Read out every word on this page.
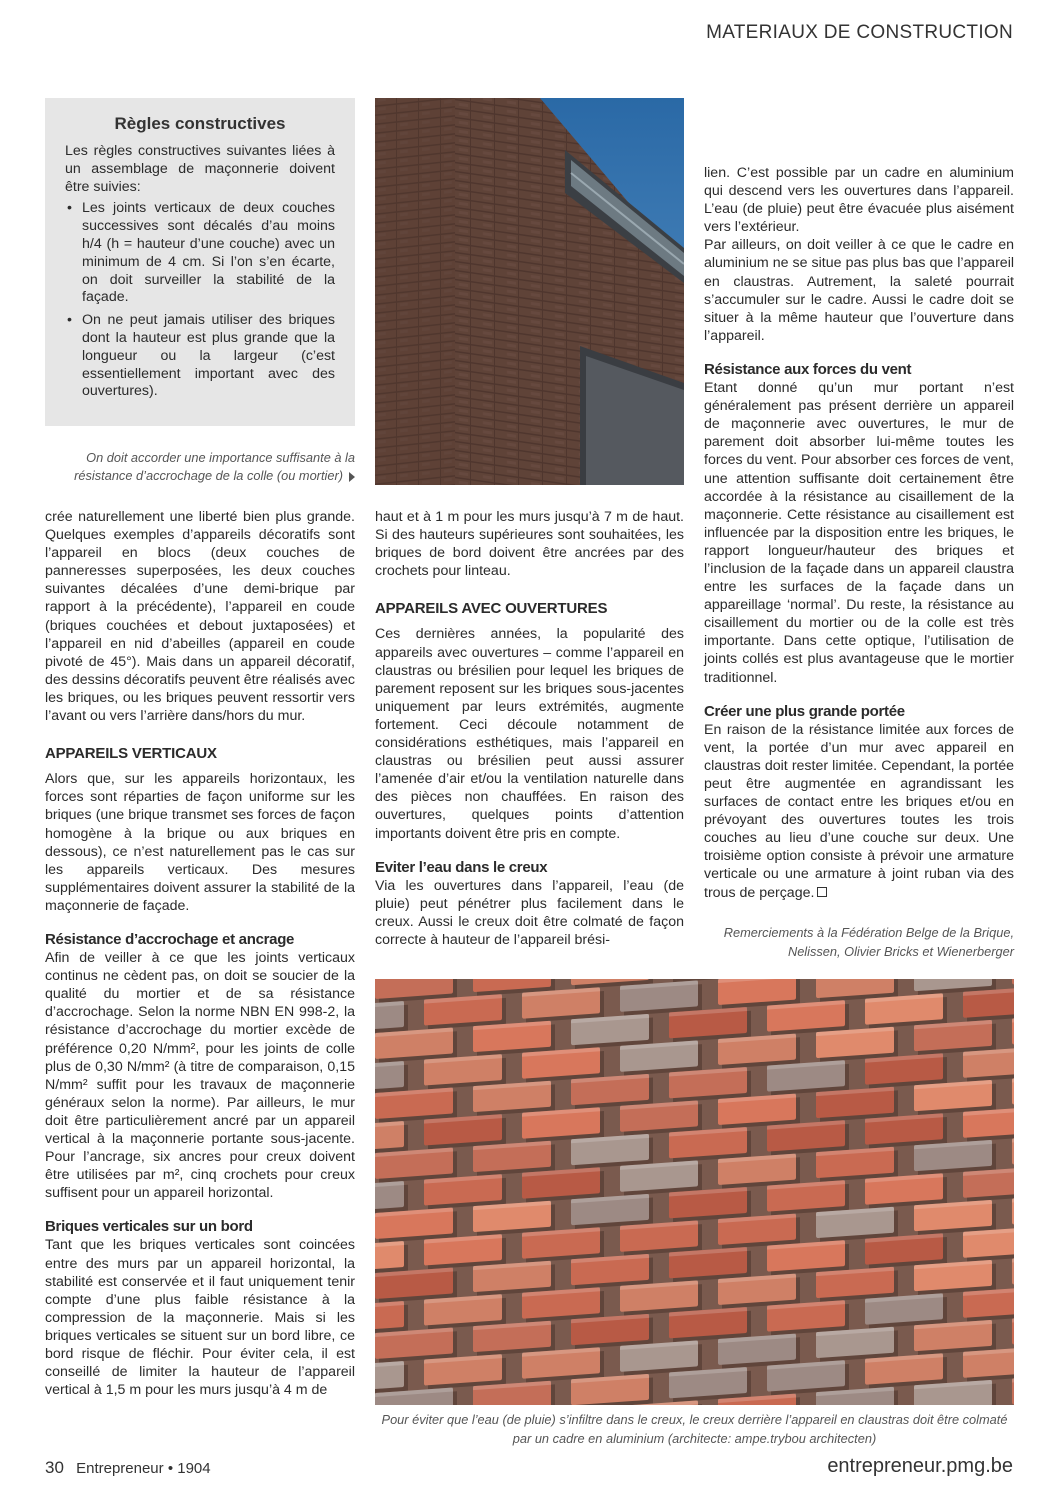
MATERIAUX DE CONSTRUCTION
Règles constructives

Les règles constructives suivantes liées à un assemblage de maçonnerie doivent être suivies:

• Les joints verticaux de deux couches successives sont décalés d’au moins h/4 (h = hauteur d’une couche) avec un minimum de 4 cm. Si l’on s’en écarte, on doit surveiller la stabilité de la façade.
• On ne peut jamais utiliser des briques dont la hauteur est plus grande que la longueur ou la largeur (c’est essentiellement important avec des ouvertures).
On doit accorder une importance suffisante à la résistance d’accrochage de la colle (ou mortier)

crée naturellement une liberté bien plus grande. Quelques exemples d’appareils décoratifs sont l’appareil en blocs (deux couches de panneresses superposées, les deux couches suivantes décalées d’une demi-brique par rapport à la précédente), l’appareil en coude (briques couchées et debout juxtaposées) et l’appareil en nid d’abeilles (appareil en coude pivoté de 45°). Mais dans un appareil décoratif, des dessins décoratifs peuvent être réalisés avec les briques, ou les briques peuvent ressortir vers l’avant ou vers l’arrière dans/hors du mur.

APPAREILS VERTICAUX

Alors que, sur les appareils horizontaux, les forces sont réparties de façon uniforme sur les briques (une brique transmet ses forces de façon homogène à la brique ou aux briques en dessous), ce n’est naturellement pas le cas sur les appareils verticaux. Des mesures supplémentaires doivent assurer la stabilité de la maçonnerie de façade.

Résistance d’accrochage et ancrage

Afin de veiller à ce que les joints verticaux continus ne cèdent pas, on doit se soucier de la qualité du mortier et de sa résistance d’accrochage. Selon la norme NBN EN 998-2, la résistance d’accrochage du mortier excède de préférence 0,20 N/mm², pour les joints de colle plus de 0,30 N/mm² (à titre de comparaison, 0,15 N/mm² suffit pour les travaux de maçonnerie généraux selon la norme). Par ailleurs, le mur doit être particulièrement ancré par un appareil vertical à la maçonnerie portante sous-jacente. Pour l’ancrage, six ancres pour creux doivent être utilisées par m², cinq crochets pour creux suffisent pour un appareil horizontal.

Briques verticales sur un bord

Tant que les briques verticales sont coincées entre des murs par un appareil horizontal, la stabilité est conservée et il faut uniquement tenir compte d’une plus faible résistance à la compression de la maçonnerie. Mais si les briques verticales se situent sur un bord libre, ce bord risque de fléchir. Pour éviter cela, il est conseillé de limiter la hauteur de l’appareil vertical à 1,5 m pour les murs jusqu’à 4 m de

haut et à 1 m pour les murs jusqu’à 7 m de haut. Si des hauteurs supérieures sont souhaitées, les briques de bord doivent être ancrées par des crochets pour linteau.

APPAREILS AVEC OUVERTURES

Ces dernières années, la popularité des appareils avec ouvertures – comme l’appareil en claustras ou brésilien pour lequel les briques de parement reposent sur les briques sous-jacentes uniquement par leurs extrémités, augmente fortement. Ceci découle notamment de considérations esthétiques, mais l’appareil en claustras ou brésilien peut aussi assurer l’amenée d’air et/ou la ventilation naturelle dans des pièces non chauffées. En raison des ouvertures, quelques points d’attention importants doivent être pris en compte.

Eviter l’eau dans le creux

Via les ouvertures dans l’appareil, l’eau (de pluie) peut pénétrer plus facilement dans le creux. Aussi le creux doit être colmaté de façon correcte à hauteur de l’appareil brési-

lien. C’est possible par un cadre en aluminium qui descend vers les ouvertures dans l’appareil. L’eau (de pluie) peut être évacuée plus aisément vers l’extérieur.

Par ailleurs, on doit veiller à ce que le cadre en aluminium ne se situe pas plus bas que l’appareil en claustras. Autrement, la saleté pourrait s’accumuler sur le cadre. Aussi le cadre doit se situer à la même hauteur que l’ouverture dans l’appareil.

Résistance aux forces du vent

Etant donné qu’un mur portant n’est généralement pas présent derrière un appareil de maçonnerie avec ouvertures, le mur de parement doit absorber lui-même toutes les forces du vent. Pour absorber ces forces de vent, une attention suffisante doit certainement être accordée à la résistance au cisaillement de la maçonnerie. Cette résistance au cisaillement est influencée par la disposition entre les briques, le rapport longueur/hauteur des briques et l’inclusion de la façade dans un appareil claustra entre les surfaces de la façade dans un appareillage ‘normal’. Du reste, la résistance au cisaillement du mortier ou de la colle est très importante. Dans cette optique, l’utilisation de joints collés est plus avantageuse que le mortier traditionnel.

Créer une plus grande portée

En raison de la résistance limitée aux forces de vent, la portée d’un mur avec appareil en claustras doit rester limitée. Cependant, la portée peut être augmentée en agrandissant les surfaces de contact entre les briques et/ou en prévoyant des ouvertures toutes les trois couches au lieu d’une couche sur deux. Une troisième option consiste à prévoir une armature verticale ou une armature à joint ruban via des trous de perçage.

Remerciements à la Fédération Belge de la Brique, Nelissen, Olivier Bricks et Wienerberger
Pour éviter que l’eau (de pluie) s’infiltre dans le creux, le creux derrière l’appareil en claustras doit être colmaté par un cadre en aluminium (architecte: ampe.trybou architecten)
30 Entrepreneur • 1904	entrepreneur.pmg.be
